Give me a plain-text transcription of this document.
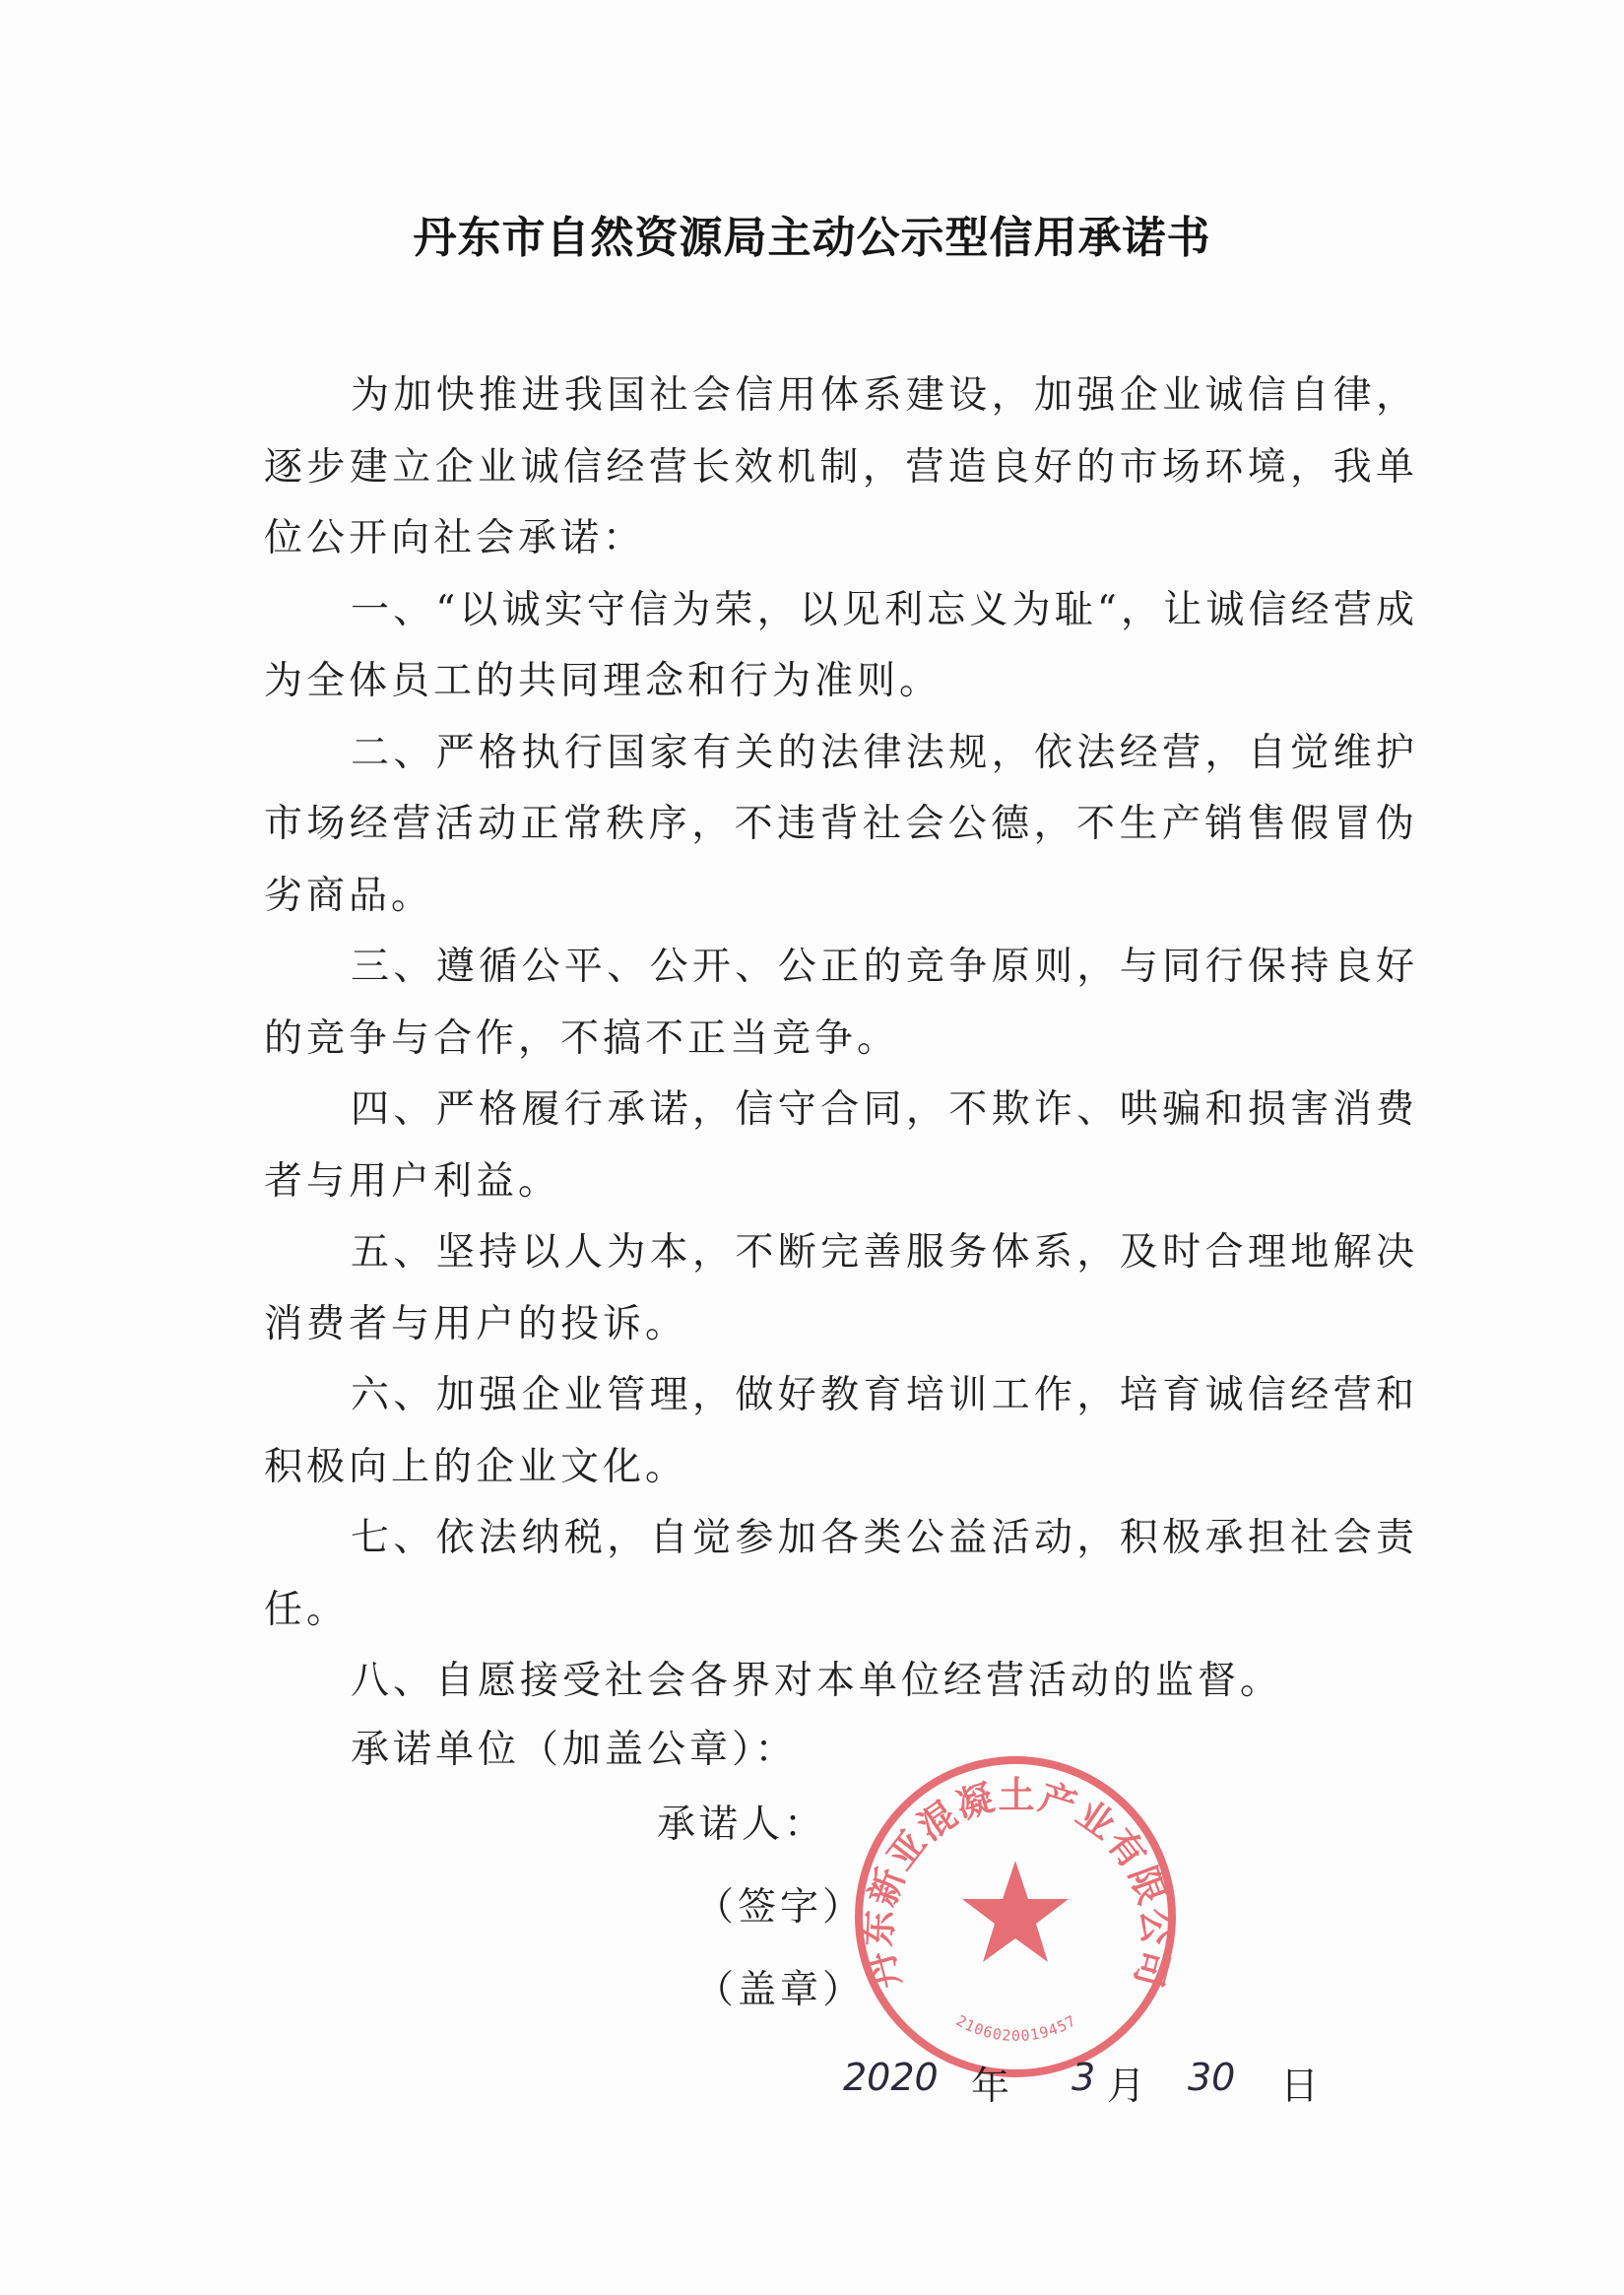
丹东市自然资源局主动公示型信用承诺书

为加快推进我国社会信用体系建设，加强企业诚信自律，逐步建立企业诚信经营长效机制，营造良好的市场环境，我单位公开向社会承诺：

一、“以诚实守信为荣，以见利忘义为耻“，让诚信经营成为全体员工的共同理念和行为准则。

二、严格执行国家有关的法律法规，依法经营，自觉维护市场经营活动正常秩序，不违背社会公德，不生产销售假冒伪劣商品。

三、遵循公平、公开、公正的竞争原则，与同行保持良好的竞争与合作，不搞不正当竞争。

四、严格履行承诺，信守合同，不欺诈、哄骗和损害消费者与用户利益。

五、坚持以人为本，不断完善服务体系，及时合理地解决消费者与用户的投诉。

六、加强企业管理，做好教育培训工作，培育诚信经营和积极向上的企业文化。

七、依法纳税，自觉参加各类公益活动，积极承担社会责任。

八、自愿接受社会各界对本单位经营活动的监督。

承诺单位（加盖公章）：
承诺人：
（签字）
（盖章）
丹东新亚混凝土产业有限公司
2106020019457
2020 年 3 月 30 日
